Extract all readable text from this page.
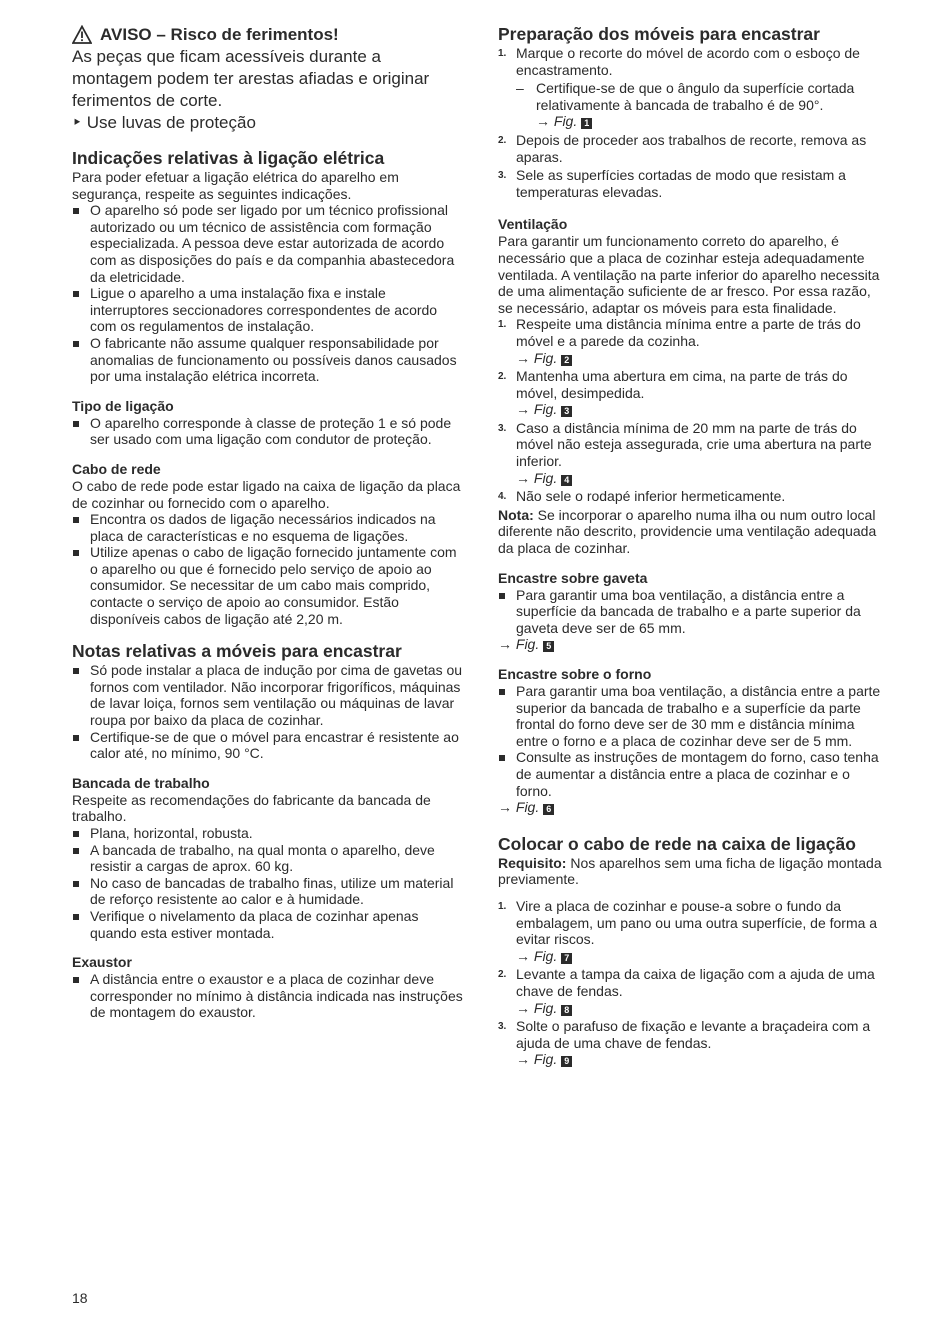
AVISO – Risco de ferimentos!

As peças que ficam acessíveis durante a montagem podem ter arestas afiadas e originar ferimentos de corte.

‣ Use luvas de proteção

Indicações relativas à ligação elétrica

Para poder efetuar a ligação elétrica do aparelho em segurança, respeite as seguintes indicações.

O aparelho só pode ser ligado por um técnico profissional autorizado ou um técnico de assistência com formação especializada. A pessoa deve estar autorizada de acordo com as disposições do país e da companhia abastecedora da eletricidade.
Ligue o aparelho a uma instalação fixa e instale interruptores seccionadores correspondentes de acordo com os regulamentos de instalação.
O fabricante não assume qualquer responsabilidade por anomalias de funcionamento ou possíveis danos causados por uma instalação elétrica incorreta.
Tipo de ligação
O aparelho corresponde à classe de proteção 1 e só pode ser usado com uma ligação com condutor de proteção.
Cabo de rede

O cabo de rede pode estar ligado na caixa de ligação da placa de cozinhar ou fornecido com o aparelho.

Encontra os dados de ligação necessários indicados na placa de características e no esquema de ligações.
Utilize apenas o cabo de ligação fornecido juntamente com o aparelho ou que é fornecido pelo serviço de apoio ao consumidor. Se necessitar de um cabo mais comprido, contacte o serviço de apoio ao consumidor. Estão disponíveis cabos de ligação até 2,20 m.
Notas relativas a móveis para encastrar
Só pode instalar a placa de indução por cima de gavetas ou fornos com ventilador. Não incorporar frigoríficos, máquinas de lavar loiça, fornos sem ventilação ou máquinas de lavar roupa por baixo da placa de cozinhar.
Certifique-se de que o móvel para encastrar é resistente ao calor até, no mínimo, 90 °C.
Bancada de trabalho

Respeite as recomendações do fabricante da bancada de trabalho.

Plana, horizontal, robusta.
A bancada de trabalho, na qual monta o aparelho, deve resistir a cargas de aprox. 60 kg.
No caso de bancadas de trabalho finas, utilize um material de reforço resistente ao calor e à humidade.
Verifique o nivelamento da placa de cozinhar apenas quando esta estiver montada.
Exaustor
A distância entre o exaustor e a placa de cozinhar deve corresponder no mínimo à distância indicada nas instruções de montagem do exaustor.
Preparação dos móveis para encastrar
1. Marque o recorte do móvel de acordo com o esboço de encastramento.
– Certifique-se de que o ângulo da superfície cortada relativamente à bancada de trabalho é de 90°.
→ Fig. 1
2. Depois de proceder aos trabalhos de recorte, remova as aparas.
3. Sele as superfícies cortadas de modo que resistam a temperaturas elevadas.
Ventilação

Para garantir um funcionamento correto do aparelho, é necessário que a placa de cozinhar esteja adequadamente ventilada. A ventilação na parte inferior do aparelho necessita de uma alimentação suficiente de ar fresco. Por essa razão, se necessário, adaptar os móveis para esta finalidade.

1. Respeite uma distância mínima entre a parte de trás do móvel e a parede da cozinha.
→ Fig. 2
2. Mantenha uma abertura em cima, na parte de trás do móvel, desimpedida.
→ Fig. 3
3. Caso a distância mínima de 20 mm na parte de trás do móvel não esteja assegurada, crie uma abertura na parte inferior.
→ Fig. 4
4. Não sele o rodapé inferior hermeticamente.

Nota: Se incorporar o aparelho numa ilha ou num outro local diferente não descrito, providencie uma ventilação adequada da placa de cozinhar.

Encastre sobre gaveta
Para garantir uma boa ventilação, a distância entre a superfície da bancada de trabalho e a parte superior da gaveta deve ser de 65 mm.
→ Fig. 5
Encastre sobre o forno
Para garantir uma boa ventilação, a distância entre a parte superior da bancada de trabalho e a superfície da parte frontal do forno deve ser de 30 mm e distância mínima entre o forno e a placa de cozinhar deve ser de 5 mm.
Consulte as instruções de montagem do forno, caso tenha de aumentar a distância entre a placa de cozinhar e o forno.
→ Fig. 6
Colocar o cabo de rede na caixa de ligação

Requisito: Nos aparelhos sem uma ficha de ligação montada previamente.

1. Vire a placa de cozinhar e pouse-a sobre o fundo da embalagem, um pano ou uma outra superfície, de forma a evitar riscos.
→ Fig. 7
2. Levante a tampa da caixa de ligação com a ajuda de uma chave de fendas.
→ Fig. 8
3. Solte o parafuso de fixação e levante a braçadeira com a ajuda de uma chave de fendas.
→ Fig. 9
18
